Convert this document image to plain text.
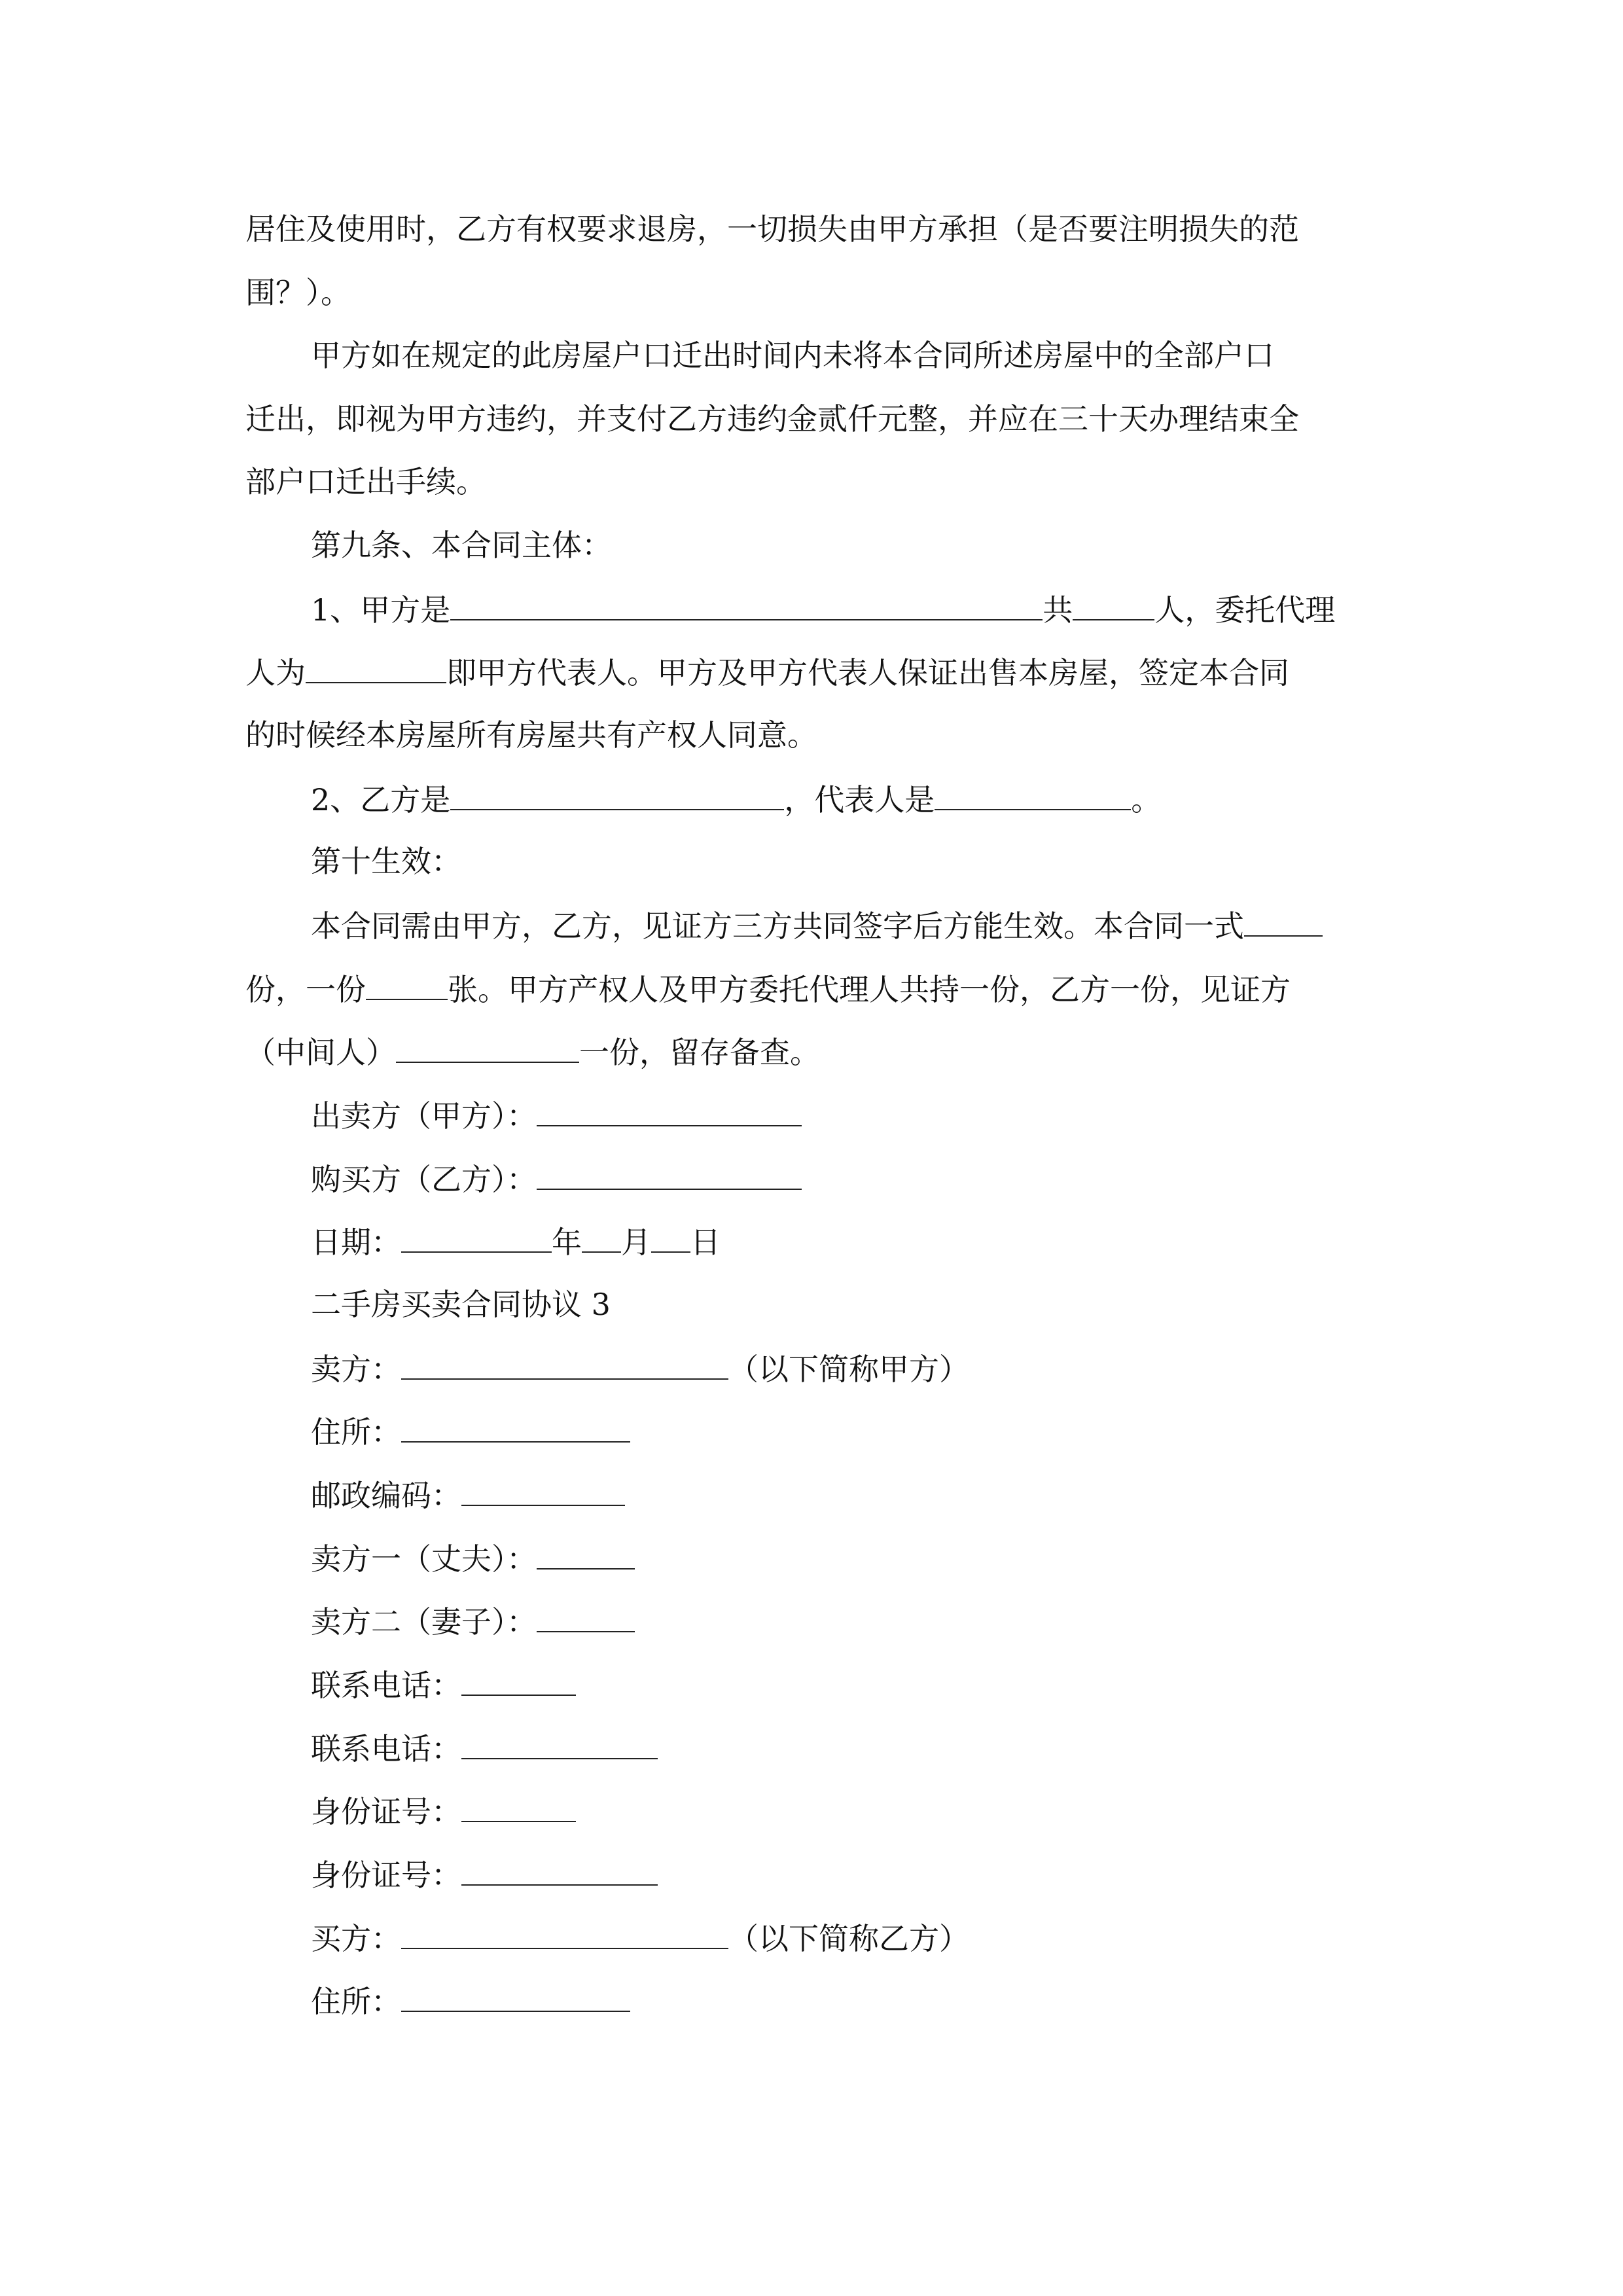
居住及使用时，乙方有权要求退房，一切损失由甲方承担（是否要注明损失的范
围？）。
甲方如在规定的此房屋户口迁出时间内未将本合同所述房屋中的全部户口
迁出，即视为甲方违约，并支付乙方违约金贰仟元整，并应在三十天办理结束全
部户口迁出手续。
第九条、本合同主体：
1、甲方是	共	人，委托代理
人为	即甲方代表人。甲方及甲方代表人保证出售本房屋，签定本合同
的时候经本房屋所有房屋共有产权人同意。
2、乙方是	，代表人是	。
第十生效：
本合同需由甲方，乙方，见证方三方共同签字后方能生效。本合同一式
份，一份	张。甲方产权人及甲方委托代理人共持一份，乙方一份，见证方
（中间人）	一份，留存备查。
出卖方（甲方）：
购买方（乙方）：
日期：	年 月 日
二手房买卖合同协议 3
卖方：	（以下简称甲方）
住所：
邮政编码：
卖方一（丈夫）：
卖方二（妻子）：
联系电话：
联系电话：
身份证号：
身份证号：
买方：	（以下简称乙方）
住所：
